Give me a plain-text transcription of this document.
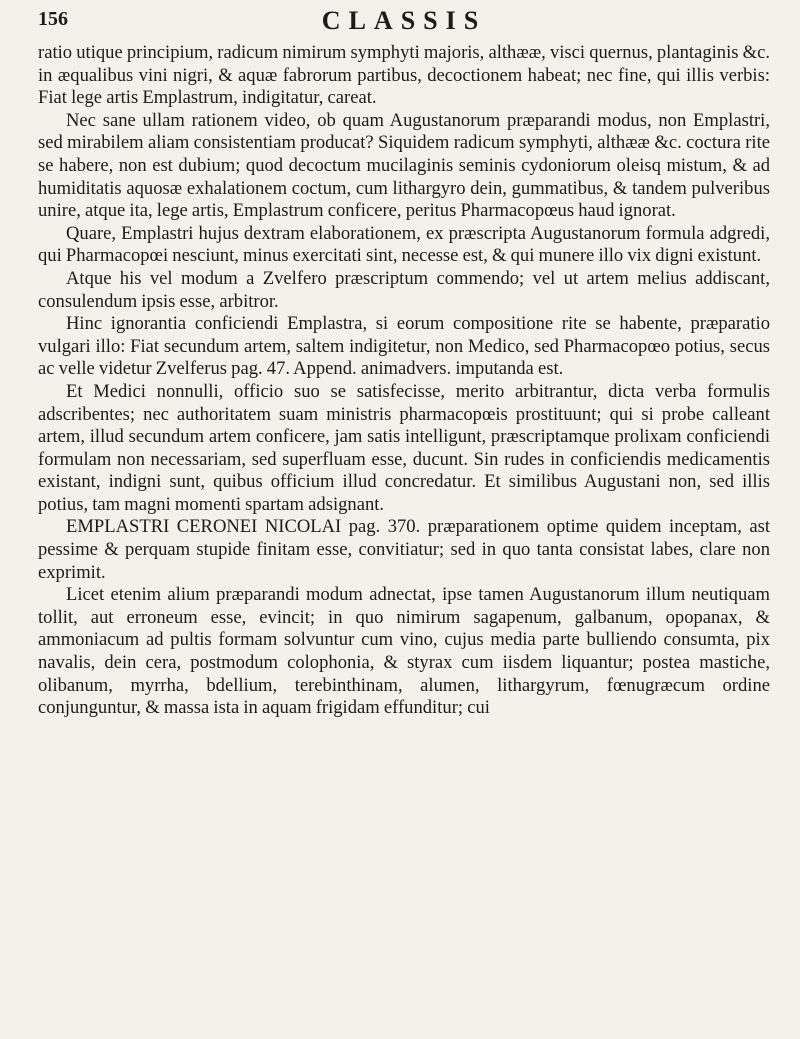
156	CLASSIS

ratio utique principium, radicum nimirum symphyti majoris, althææ, visci quernus, plantaginis &c. in æqualibus vini nigri, & aquæ fabrorum partibus, decoctionem habeat; nec fine, qui illis verbis: Fiat lege artis Emplastrum, indigitatur, careat.

Nec sane ullam rationem video, ob quam Augustanorum præparandi modus, non Emplastri, sed mirabilem aliam consistentiam producat? Siquidem radicum symphyti, althææ &c. coctura rite se habere, non est dubium; quod decoctum mucilaginis seminis cydoniorum oleisq mistum, & ad humiditatis aquosæ exhalationem coctum, cum lithargyro dein, gummatibus, & tandem pulveribus unire, atque ita, lege artis, Emplastrum conficere, peritus Pharmacopœus haud ignorat.

Quare, Emplastri hujus dextram elaborationem, ex præscripta Augustanorum formula adgredi, qui Pharmacopœi nesciunt, minus exercitati sint, necesse est, & qui munere illo vix digni existunt.

Atque his vel modum a Zvelfero præscriptum commendo; vel ut artem melius addiscant, consulendum ipsis esse, arbitror.

Hinc ignorantia conficiendi Emplastra, si eorum compositione rite se habente, præparatio vulgari illo: Fiat secundum artem, saltem indigitetur, non Medico, sed Pharmacopœo potius, secus ac velle videtur Zvelferus pag. 47. Append. animadvers. imputanda est.

Et Medici nonnulli, officio suo se satisfecisse, merito arbitrantur, dicta verba formulis adscribentes; nec authoritatem suam ministris pharmacopœis prostituunt; qui si probe calleant artem, illud secundum artem conficere, jam satis intelligunt, præscriptamque prolixam conficiendi formulam non necessariam, sed superfluam esse, ducunt. Sin rudes in conficiendis medicamentis existant, indigni sunt, quibus officium illud concredatur. Et similibus Augustani non, sed illis potius, tam magni momenti spartam adsignant.

EMPLASTRI CERONEI NICOLAI pag. 370. præparationem optime quidem inceptam, ast pessime & perquam stupide finitam esse, convitiatur; sed in quo tanta consistat labes, clare non exprimit.

Licet etenim alium præparandi modum adnectat, ipse tamen Augustanorum illum neutiquam tollit, aut erroneum esse, evincit; in quo nimirum sagapenum, galbanum, opopanax, & ammoniacum ad pultis formam solvuntur cum vino, cujus media parte bulliendo consumta, pix navalis, dein cera, postmodum colophonia, & styrax cum iisdem liquantur; postea mastiche, olibanum, myrrha, bdellium, terebinthinam, alumen, lithargyrum, fœnugræcum ordine conjunguntur, & massa ista in aquam frigidam effunditur; cui
